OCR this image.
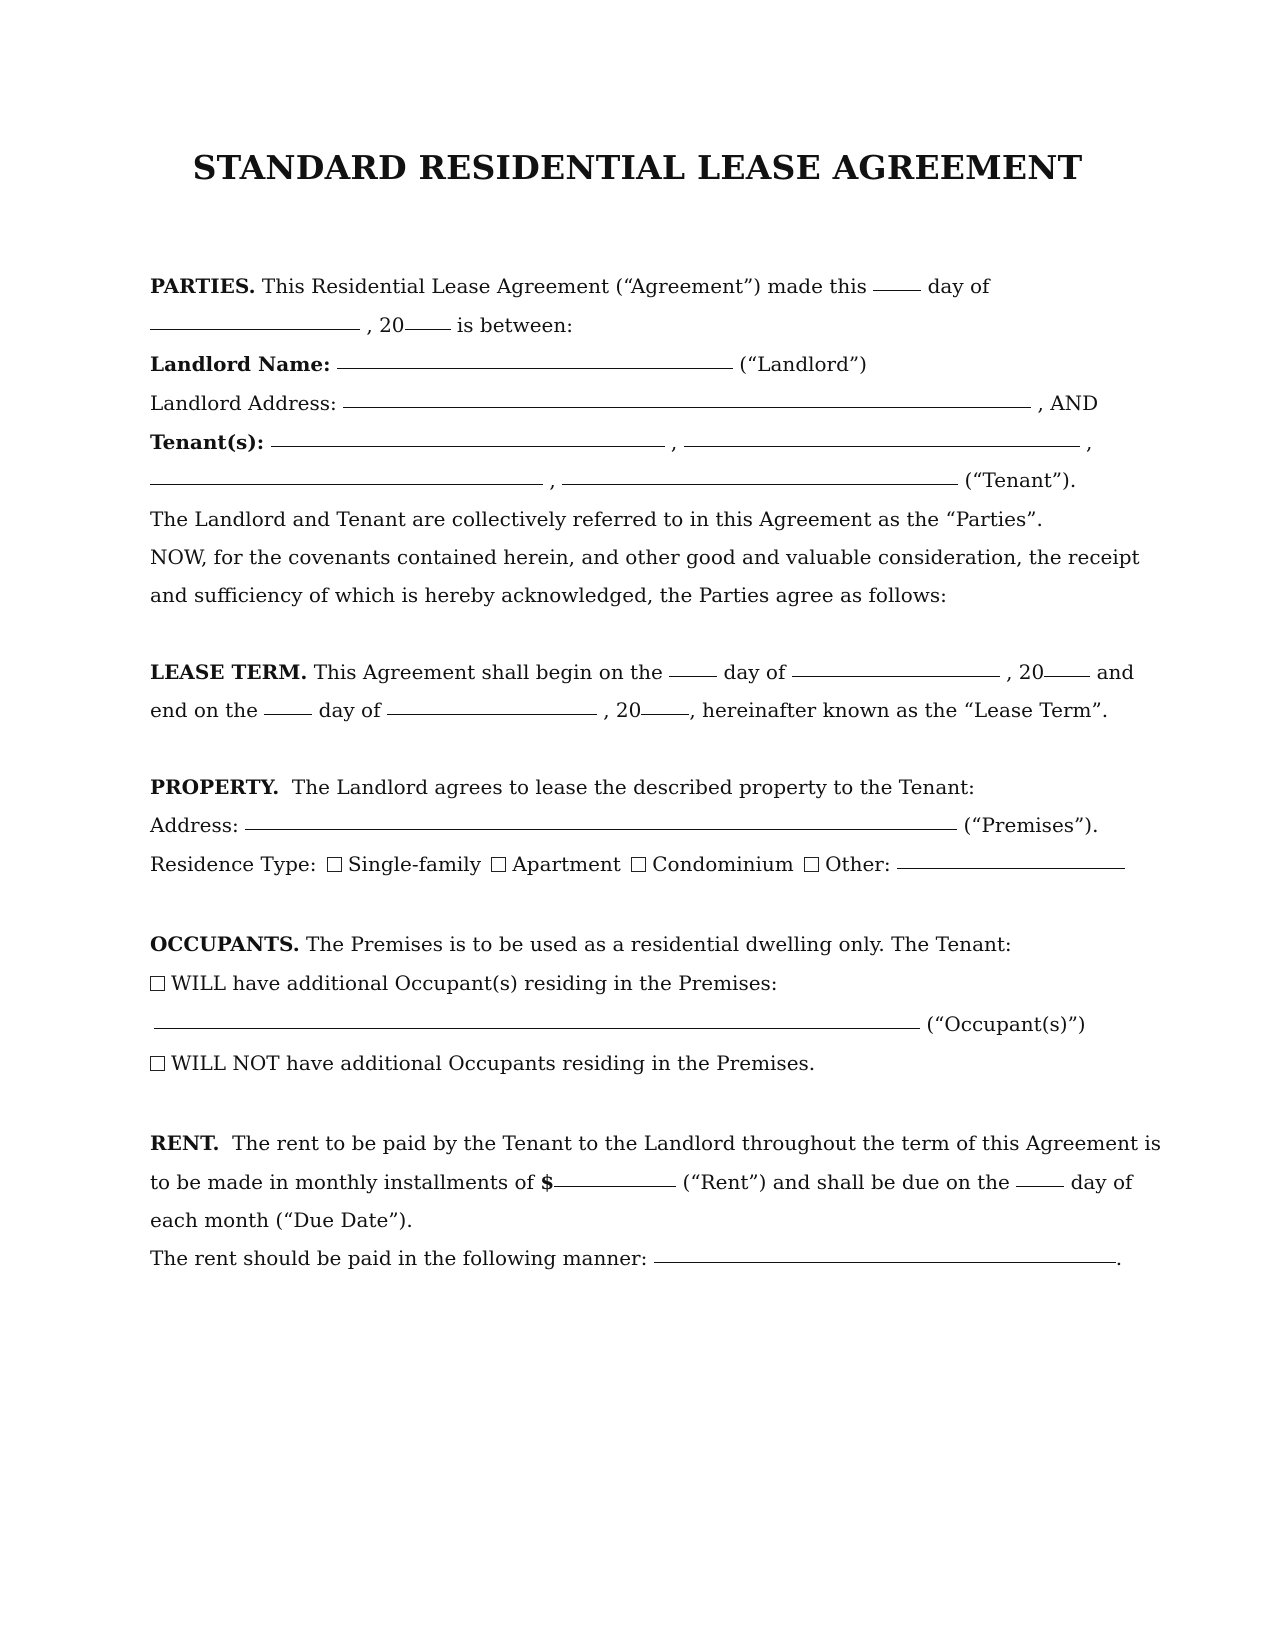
STANDARD RESIDENTIAL LEASE AGREEMENT
PARTIES. This Residential Lease Agreement (“Agreement”) made this	day of
, 20	is between:
Landlord Name:	(“Landlord”)
Landlord Address:	, AND
Tenant(s):	,	,
,	(“Tenant”).
The Landlord and Tenant are collectively referred to in this Agreement as the “Parties”.
NOW, for the covenants contained herein, and other good and valuable consideration, the receipt
and sufficiency of which is hereby acknowledged, the Parties agree as follows:
LEASE TERM. This Agreement shall begin on the	day of	, 20	and
end on the	day of	, 20 , hereinafter known as the “Lease Term”.
PROPERTY. The Landlord agrees to lease the described property to the Tenant:
Address:	(“Premises”).
Residence Type: Single-family Apartment Condominium Other:
OCCUPANTS. The Premises is to be used as a residential dwelling only. The Tenant:
WILL have additional Occupant(s) residing in the Premises:
(“Occupant(s)”)
WILL NOT have additional Occupants residing in the Premises.
RENT. The rent to be paid by the Tenant to the Landlord throughout the term of this Agreement is
to be made in monthly installments of $	(“Rent”) and shall be due on the	day of
each month (“Due Date”).
The rent should be paid in the following manner:	.
